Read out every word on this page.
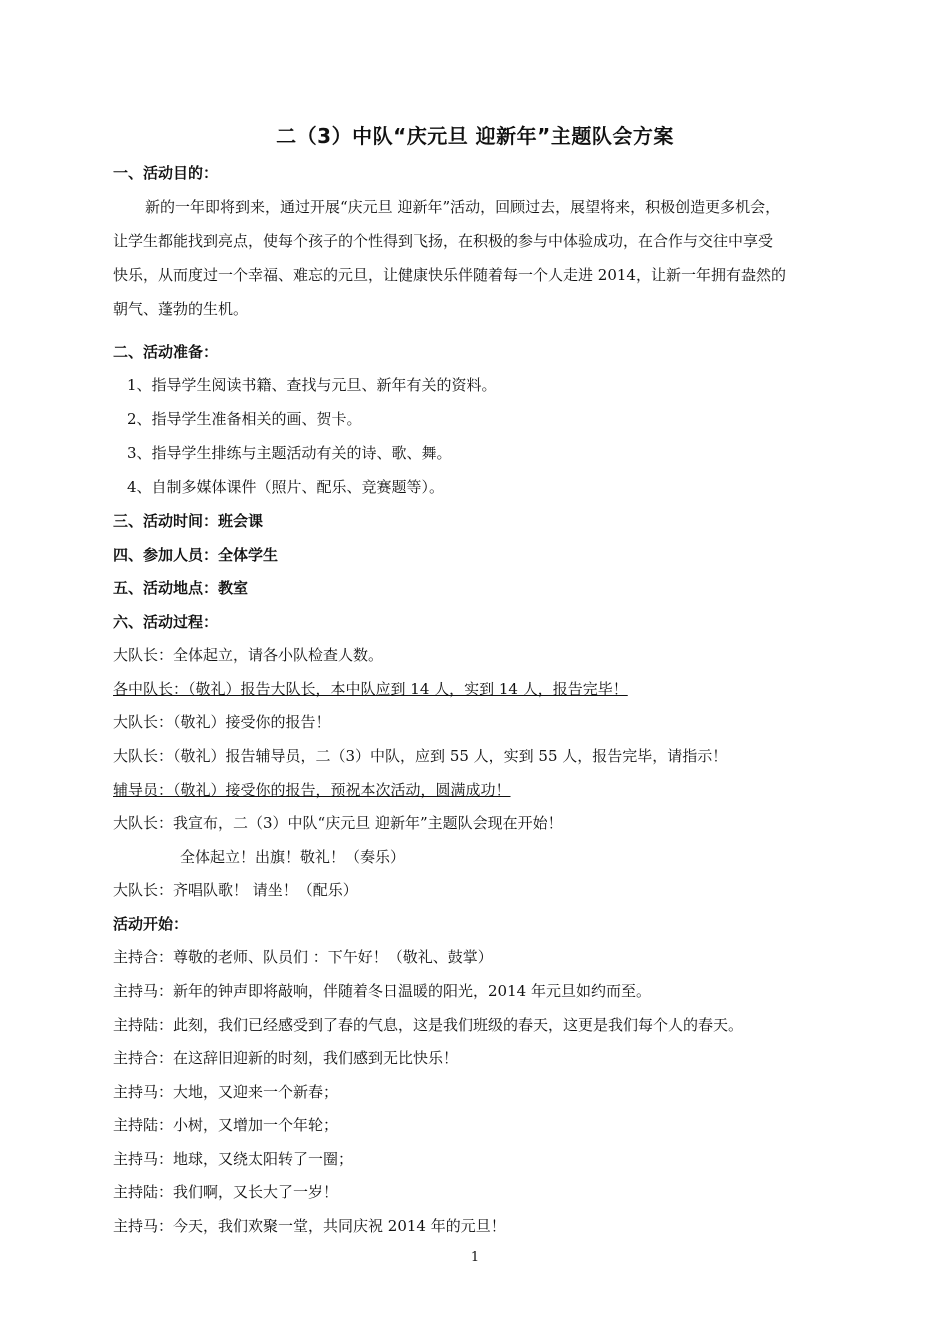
二（3）中队“庆元旦 迎新年”主题队会方案
一、活动目的：
新的一年即将到来，通过开展“庆元旦 迎新年”活动，回顾过去，展望将来，积极创造更多机会，
让学生都能找到亮点，使每个孩子的个性得到飞扬，在积极的参与中体验成功，在合作与交往中享受
快乐，从而度过一个幸福、难忘的元旦，让健康快乐伴随着每一个人走进 2014，让新一年拥有盎然的
朝气、蓬勃的生机。
二、活动准备：
1、指导学生阅读书籍、查找与元旦、新年有关的资料。
2、指导学生准备相关的画、贺卡。
3、指导学生排练与主题活动有关的诗、歌、舞。
4、自制多媒体课件（照片、配乐、竞赛题等）。
三、活动时间：班会课
四、参加人员：全体学生
五、活动地点：教室
六、活动过程：
大队长：全体起立，请各小队检查人数。
各中队长：（敬礼）报告大队长，本中队应到 14 人，实到 14 人，报告完毕！
大队长：（敬礼）接受你的报告！
大队长：（敬礼）报告辅导员，二（3）中队，应到 55 人，实到 55 人，报告完毕，请指示！
辅导员：（敬礼）接受你的报告，预祝本次活动，圆满成功！
大队长：我宣布，二（3）中队“庆元旦 迎新年”主题队会现在开始！
全体起立！出旗！敬礼！（奏乐）
大队长：齐唱队歌！ 请坐！（配乐）
活动开始：
主持合：尊敬的老师、队员们 ：下午好！（敬礼、鼓掌）
主持马：新年的钟声即将敲响，伴随着冬日温暖的阳光，2014 年元旦如约而至。
主持陆：此刻，我们已经感受到了春的气息，这是我们班级的春天，这更是我们每个人的春天。
主持合：在这辞旧迎新的时刻，我们感到无比快乐！
主持马：大地，又迎来一个新春；
主持陆：小树，又增加一个年轮；
主持马：地球，又绕太阳转了一圈；
主持陆：我们啊，又长大了一岁！
主持马：今天，我们欢聚一堂，共同庆祝 2014 年的元旦！
1
